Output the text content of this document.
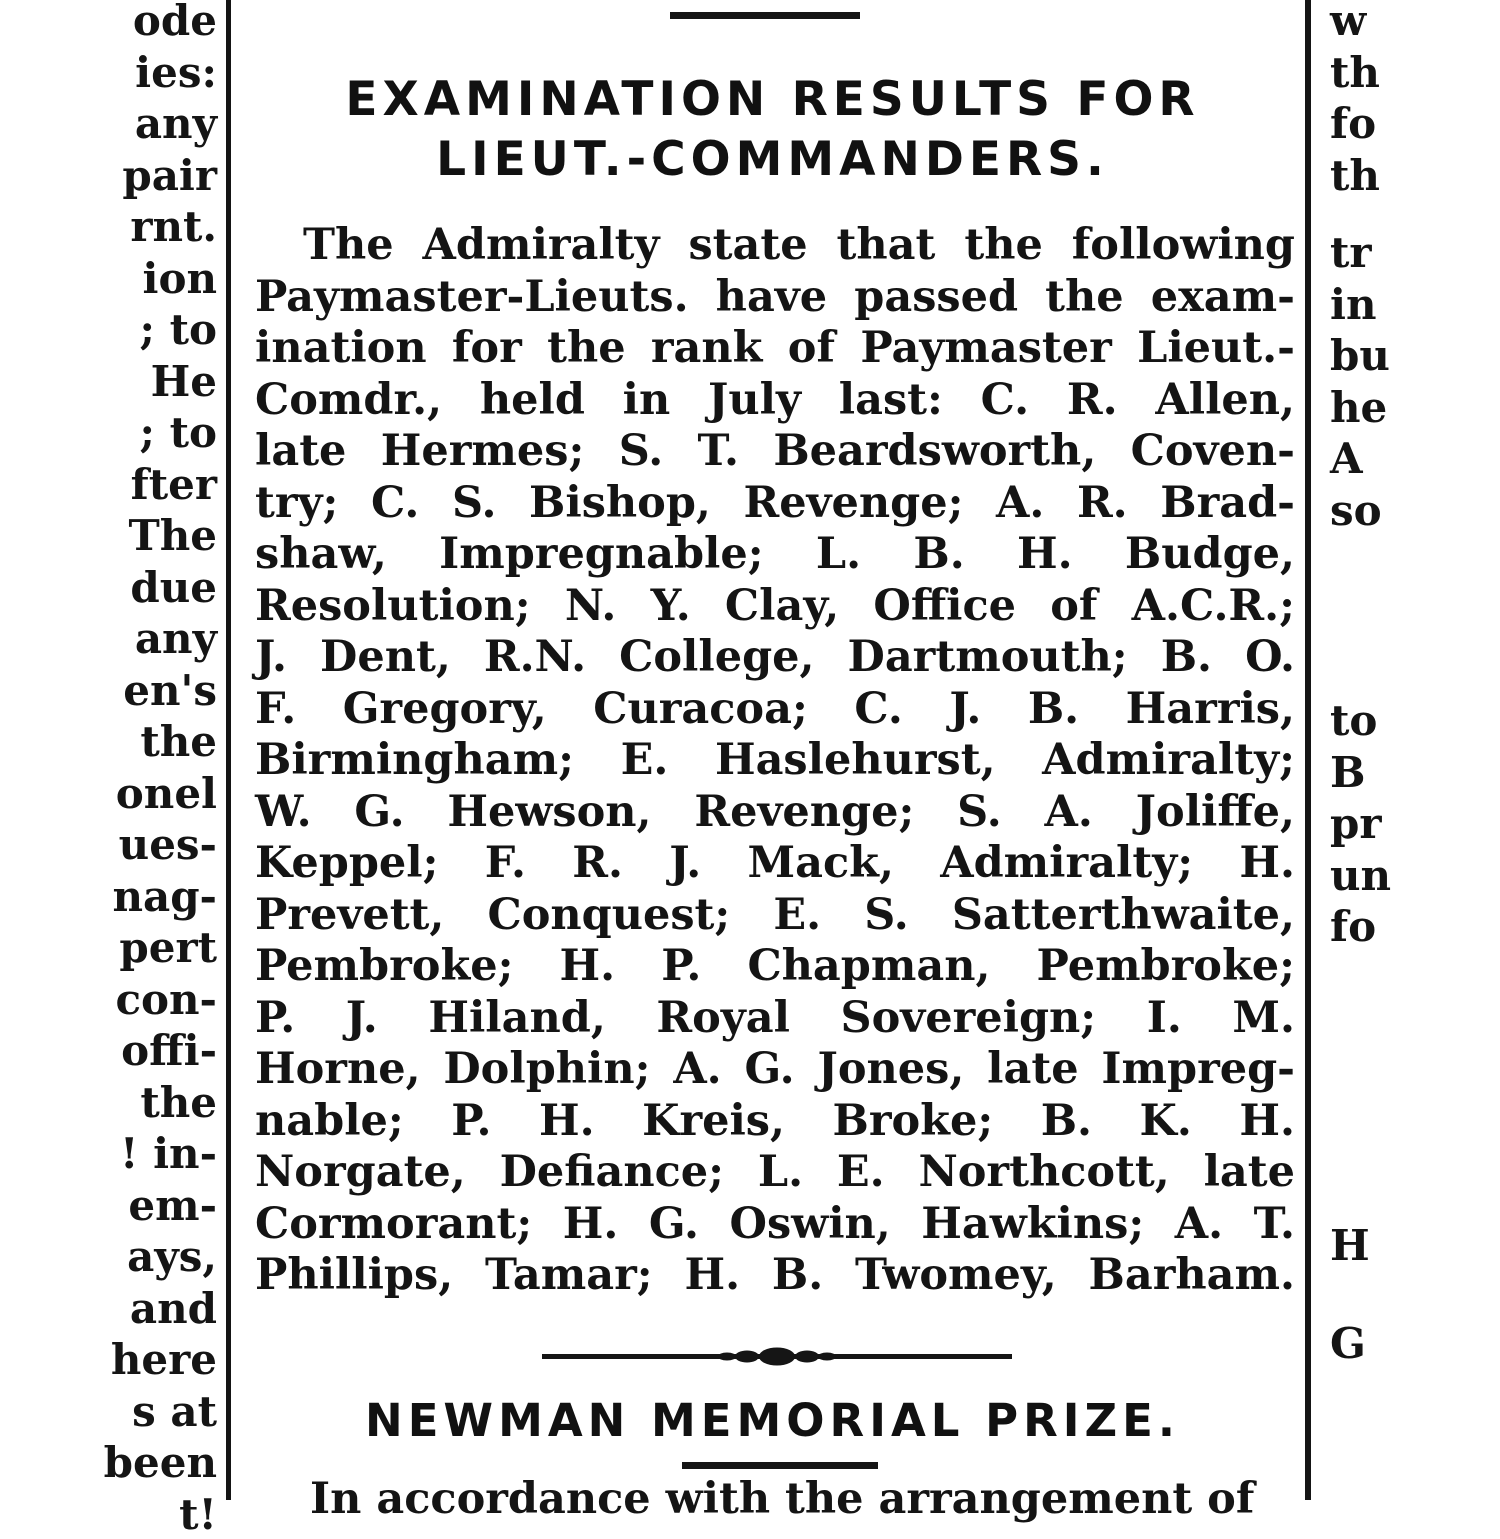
ode
ies:
any
pair
rnt.
ion
; to
He
; to
fter
The
due
any
en's
the
onel
ues-
nag-
pert
con-
offi-
the
! in-
em-
ays,
and
here
s at
been
t!
EXAMINATION RESULTS FOR
LIEUT.-COMMANDERS.
The Admiralty state that the following
Paymaster-Lieuts. have passed the exam-
ination for the rank of Paymaster Lieut.-
Comdr., held in July last: C. R. Allen,
late Hermes; S. T. Beardsworth, Coven-
try; C. S. Bishop, Revenge; A. R. Brad-
shaw, Impregnable; L. B. H. Budge,
Resolution; N. Y. Clay, Office of A.C.R.;
J. Dent, R.N. College, Dartmouth; B. O.
F. Gregory, Curacoa; C. J. B. Harris,
Birmingham; E. Haslehurst, Admiralty;
W. G. Hewson, Revenge; S. A. Joliffe,
Keppel; F. R. J. Mack, Admiralty; H.
Prevett, Conquest; E. S. Satterthwaite,
Pembroke; H. P. Chapman, Pembroke;
P. J. Hiland, Royal Sovereign; I. M.
Horne, Dolphin; A. G. Jones, late Impreg-
nable; P. H. Kreis, Broke; B. K. H.
Norgate, Defiance; L. E. Northcott, late
Cormorant; H. G. Oswin, Hawkins; A. T.
Phillips, Tamar; H. B. Twomey, Barham.
NEWMAN MEMORIAL PRIZE.
In accordance with the arrangement of
w
th
fo
th
tr
in
bu
he
A
so
to
B
pr
un
fo
H
G
